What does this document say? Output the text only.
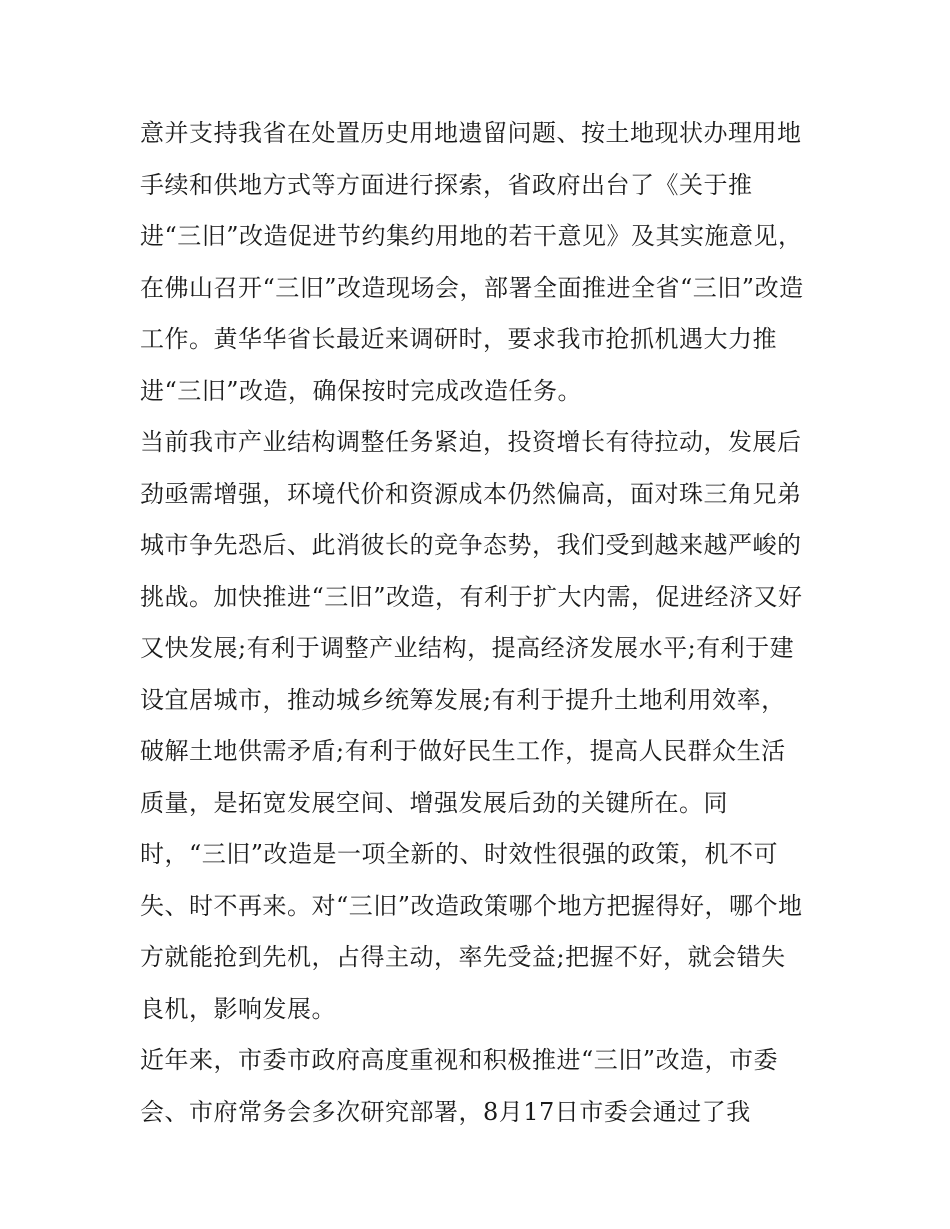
意并支持我省在处置历史用地遗留问题、按土地现状办理用地
手续和供地方式等方面进行探索，省政府出台了《关于推
进“三旧”改造促进节约集约用地的若干意见》及其实施意见，
在佛山召开“三旧”改造现场会，部署全面推进全省“三旧”改造
工作。黄华华省长最近来调研时，要求我市抢抓机遇大力推
进“三旧”改造，确保按时完成改造任务。
当前我市产业结构调整任务紧迫，投资增长有待拉动，发展后
劲亟需增强，环境代价和资源成本仍然偏高，面对珠三角兄弟
城市争先恐后、此消彼长的竞争态势，我们受到越来越严峻的
挑战。加快推进“三旧”改造，有利于扩大内需，促进经济又好
又快发展;有利于调整产业结构，提高经济发展水平;有利于建
设宜居城市，推动城乡统筹发展;有利于提升土地利用效率，
破解土地供需矛盾;有利于做好民生工作，提高人民群众生活
质量，是拓宽发展空间、增强发展后劲的关键所在。同
时，“三旧”改造是一项全新的、时效性很强的政策，机不可
失、时不再来。对“三旧”改造政策哪个地方把握得好，哪个地
方就能抢到先机，占得主动，率先受益;把握不好，就会错失
良机，影响发展。
近年来，市委市政府高度重视和积极推进“三旧”改造，市委
会、市府常务会多次研究部署，8月17日市委会通过了我
